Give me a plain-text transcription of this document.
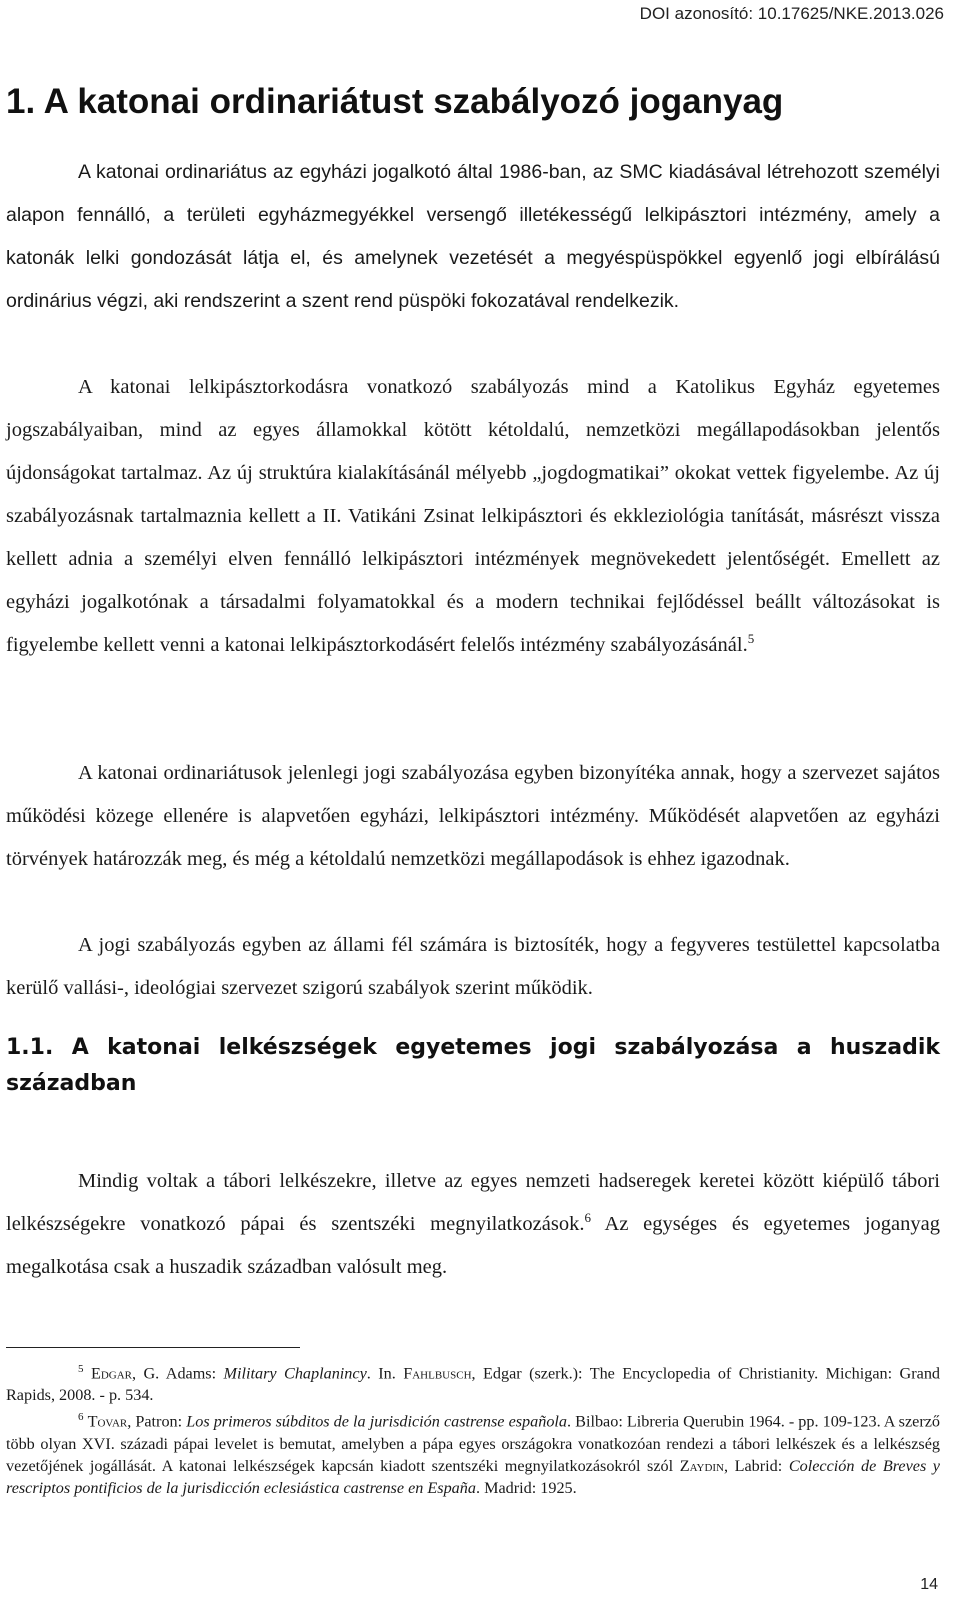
DOI azonosító: 10.17625/NKE.2013.026
1. A katonai ordinariátust szabályozó joganyag

A katonai ordinariátus az egyházi jogalkotó által 1986-ban, az SMC kiadásával létrehozott személyi alapon fennálló, a területi egyházmegyékkel versengő illetékességű lelkipásztori intézmény, amely a katonák lelki gondozását látja el, és amelynek vezetését a megyéspüspökkel egyenlő jogi elbírálású ordinárius végzi, aki rendszerint a szent rend püspöki fokozatával rendelkezik.

A katonai lelkipásztorkodásra vonatkozó szabályozás mind a Katolikus Egyház egyetemes jogszabályaiban, mind az egyes államokkal kötött kétoldalú, nemzetközi megállapodásokban jelentős újdonságokat tartalmaz. Az új struktúra kialakításánál mélyebb „jogdogmatikai” okokat vettek figyelembe. Az új szabályozásnak tartalmaznia kellett a II. Vatikáni Zsinat lelkipásztori és ekkleziológia tanítását, másrészt vissza kellett adnia a személyi elven fennálló lelkipásztori intézmények megnövekedett jelentőségét. Emellett az egyházi jogalkotónak a társadalmi folyamatokkal és a modern technikai fejlődéssel beállt változásokat is figyelembe kellett venni a katonai lelkipásztorkodásért felelős intézmény szabályozásánál.$^5$

A katonai ordinariátusok jelenlegi jogi szabályozása egyben bizonyítéka annak, hogy a szervezet sajátos működési közege ellenére is alapvetően egyházi, lelkipásztori intézmény. Működését alapvetően az egyházi törvények határozzák meg, és még a kétoldalú nemzetközi megállapodások is ehhez igazodnak.

A jogi szabályozás egyben az állami fél számára is biztosíték, hogy a fegyveres testülettel kapcsolatba kerülő vallási-, ideológiai szervezet szigorú szabályok szerint működik.

1.1. A katonai lelkészségek egyetemes jogi szabályozása a huszadik században

Mindig voltak a tábori lelkészekre, illetve az egyes nemzeti hadseregek keretei között kiépülő tábori lelkészségekre vonatkozó pápai és szentszéki megnyilatkozások.$^6$ Az egységes és egyetemes joganyag megalkotása csak a huszadik században valósult meg.

$^5$ Edgar, G. Adams: Military Chaplanincy. In. Fahlbusch, Edgar (szerk.): The Encyclopedia of Christianity. Michigan: Grand Rapids, 2008. - p. 534.

$^6$ Tovar, Patron: Los primeros súbditos de la jurisdición castrense española. Bilbao: Libreria Querubin 1964. - pp. 109-123. A szerző több olyan XVI. századi pápai levelet is bemutat, amelyben a pápa egyes országokra vonatkozóan rendezi a tábori lelkészek és a lelkészség vezetőjének jogállását. A katonai lelkészségek kapcsán kiadott szentszéki megnyilatkozásokról szól Zaydin, Labrid: Colección de Breves y rescriptos pontificios de la jurisdicción eclesiástica castrense en España. Madrid: 1925.

14
